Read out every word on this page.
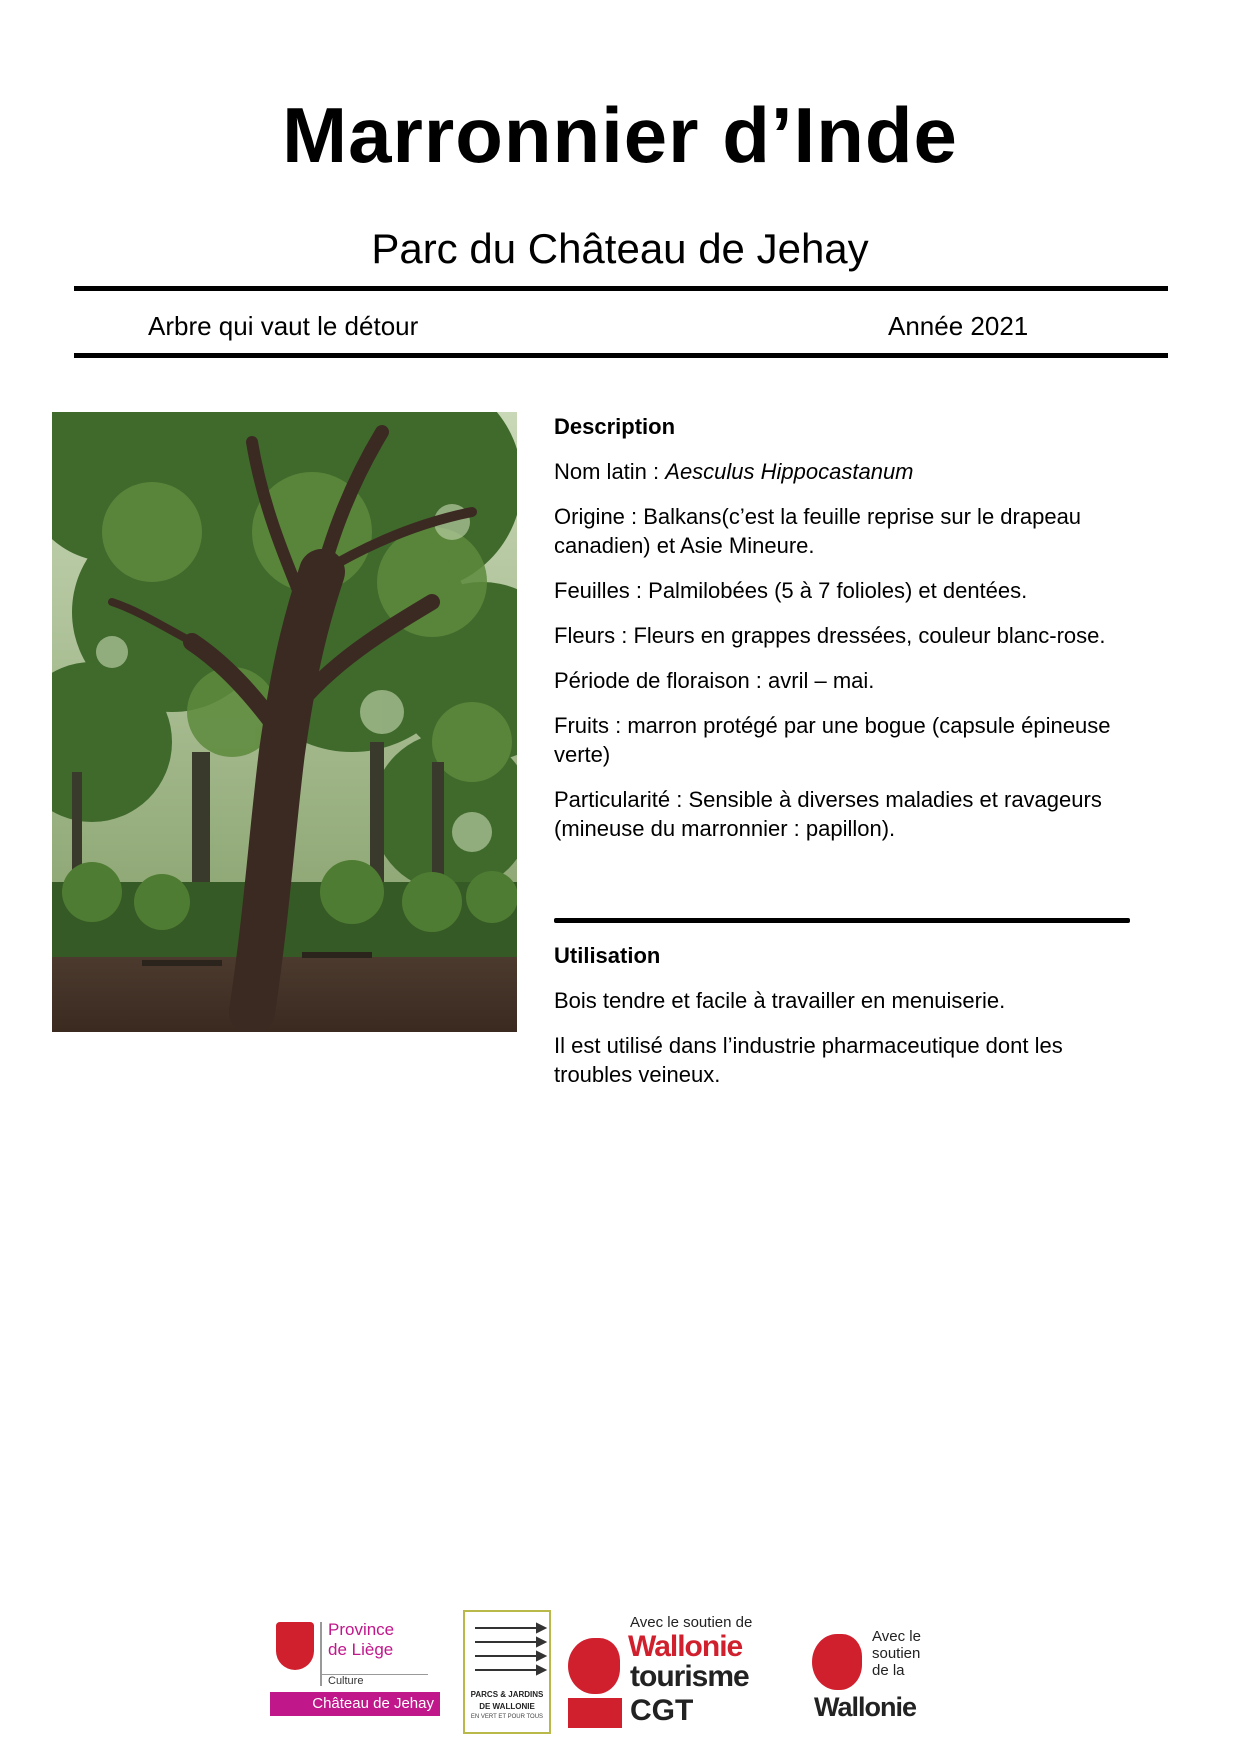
Marronnier d’Inde
Parc du Château de Jehay
Arbre qui vaut le détour	Année 2021

Description

Nom latin : Aesculus Hippocastanum

Origine : Balkans(c’est la feuille reprise sur le drapeau canadien) et Asie Mineure.

Feuilles : Palmilobées (5 à 7 folioles) et dentées.

Fleurs : Fleurs en grappes dressées, couleur blanc-rose.

Période de floraison : avril – mai.

Fruits : marron protégé par une bogue (capsule épineuse verte)

Particularité : Sensible à diverses maladies et ravageurs (mineuse du marronnier : papillon).

Utilisation

Bois tendre et facile à travailler en menuiserie.

Il est utilisé dans l’industrie pharmaceutique dont les troubles veineux.

Province
de Liège
Culture
Château de Jehay
PARCS & JARDINS
DE WALLONIE
EN VERT ET POUR TOUS
Avec le soutien de
Wallonie
tourisme
CGT
Avec le
soutien
de la
Wallonie
